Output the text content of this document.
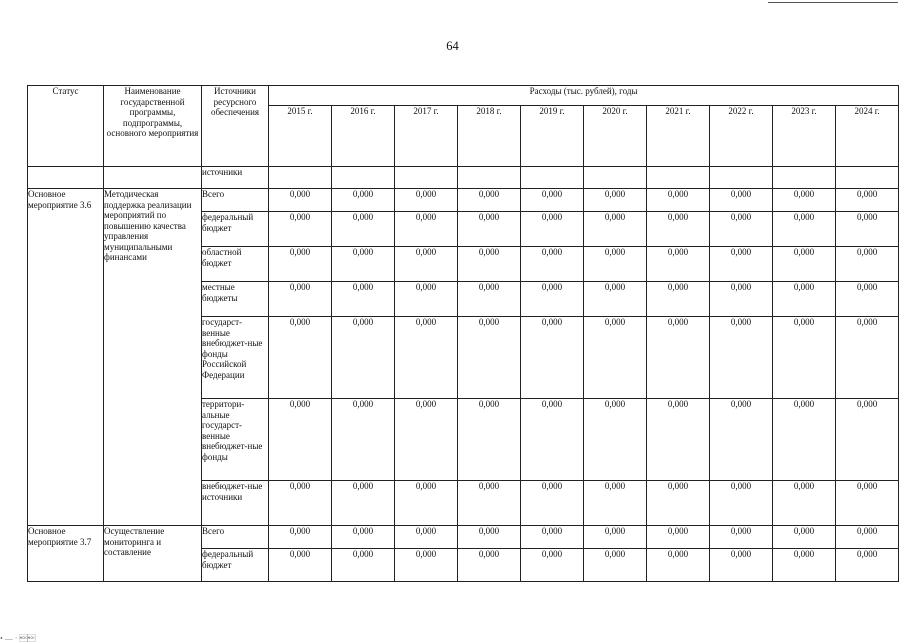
64
Статус	Наименование государственной программы, подпрограммы, основного мероприятия	Источники ресурсного обеспечения	Расходы (тыс. рублей), годы									
			2015 г.	2016 г.	2017 г.	2018 г.	2019 г.	2020 г.	2021 г.	2022 г.	2023 г.	2024 г.
		источники										
Основное мероприятие 3.6	Методическая поддержка реализации мероприятий по повышению качества управления муниципальными финансами	Всего	0,000	0,000	0,000	0,000	0,000	0,000	0,000	0,000	0,000	0,000
		федеральный бюджет	0,000	0,000	0,000	0,000	0,000	0,000	0,000	0,000	0,000	0,000
		областной бюджет	0,000	0,000	0,000	0,000	0,000	0,000	0,000	0,000	0,000	0,000
		местные бюджеты	0,000	0,000	0,000	0,000	0,000	0,000	0,000	0,000	0,000	0,000
		государст-венные внебюджет-ные фонды Российской Федерации	0,000	0,000	0,000	0,000	0,000	0,000	0,000	0,000	0,000	0,000
		территори-альные государст-венные внебюджет-ные фонды	0,000	0,000	0,000	0,000	0,000	0,000	0,000	0,000	0,000	0,000
		внебюджет-ные источники	0,000	0,000	0,000	0,000	0,000	0,000	0,000	0,000	0,000	0,000
Основное мероприятие 3.7	Осуществление мониторинга и составление	Всего	0,000	0,000	0,000	0,000	0,000	0,000	0,000	0,000	0,000	0,000
		федеральный бюджет	0,000	0,000	0,000	0,000	0,000	0,000	0,000	0,000	0,000	0,000
• — · 
